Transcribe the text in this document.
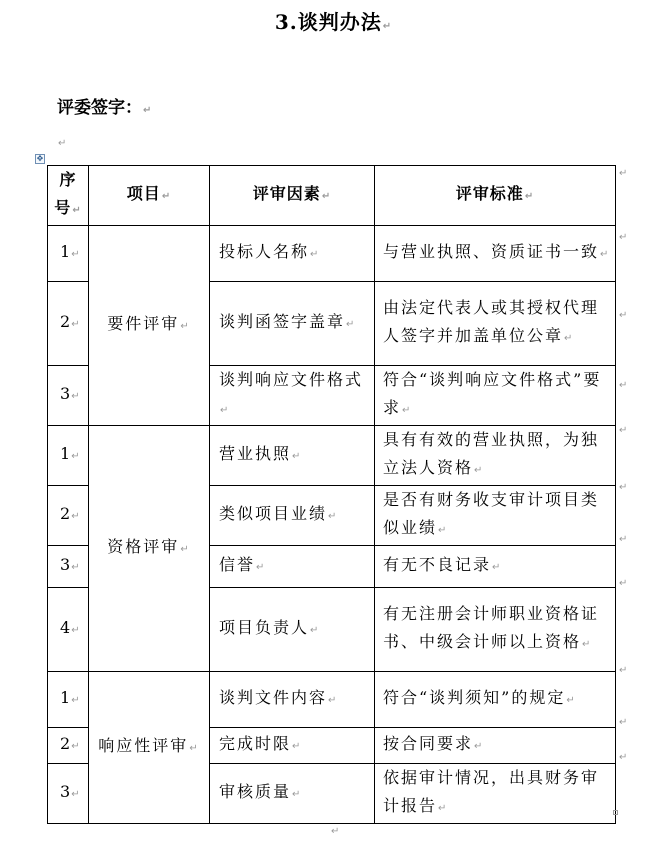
3.谈判办法↵
评委签字：↵
↵
✥
序号↵	项目↵	评审因素↵	评审标准↵
1↵	要件评审↵	投标人名称↵	与营业执照、资质证书一致↵
2↵		谈判函签字盖章↵	由法定代表人或其授权代理人签字并加盖单位公章↵
3↵		谈判响应文件格式↵	符合“谈判响应文件格式”要求↵
1↵	资格评审↵	营业执照↵	具有有效的营业执照，为独立法人资格↵
2↵		类似项目业绩↵	是否有财务收支审计项目类似业绩↵
3↵		信誉↵	有无不良记录↵
4↵		项目负责人↵	有无注册会计师职业资格证书、中级会计师以上资格↵
1↵	响应性评审↵	谈判文件内容↵	符合“谈判须知”的规定↵
2↵		完成时限↵	按合同要求↵
3↵		审核质量↵	依据审计情况，出具财务审计报告↵
↵
↵
↵
↵
↵
↵
↵
↵
↵
↵
↵
↵
